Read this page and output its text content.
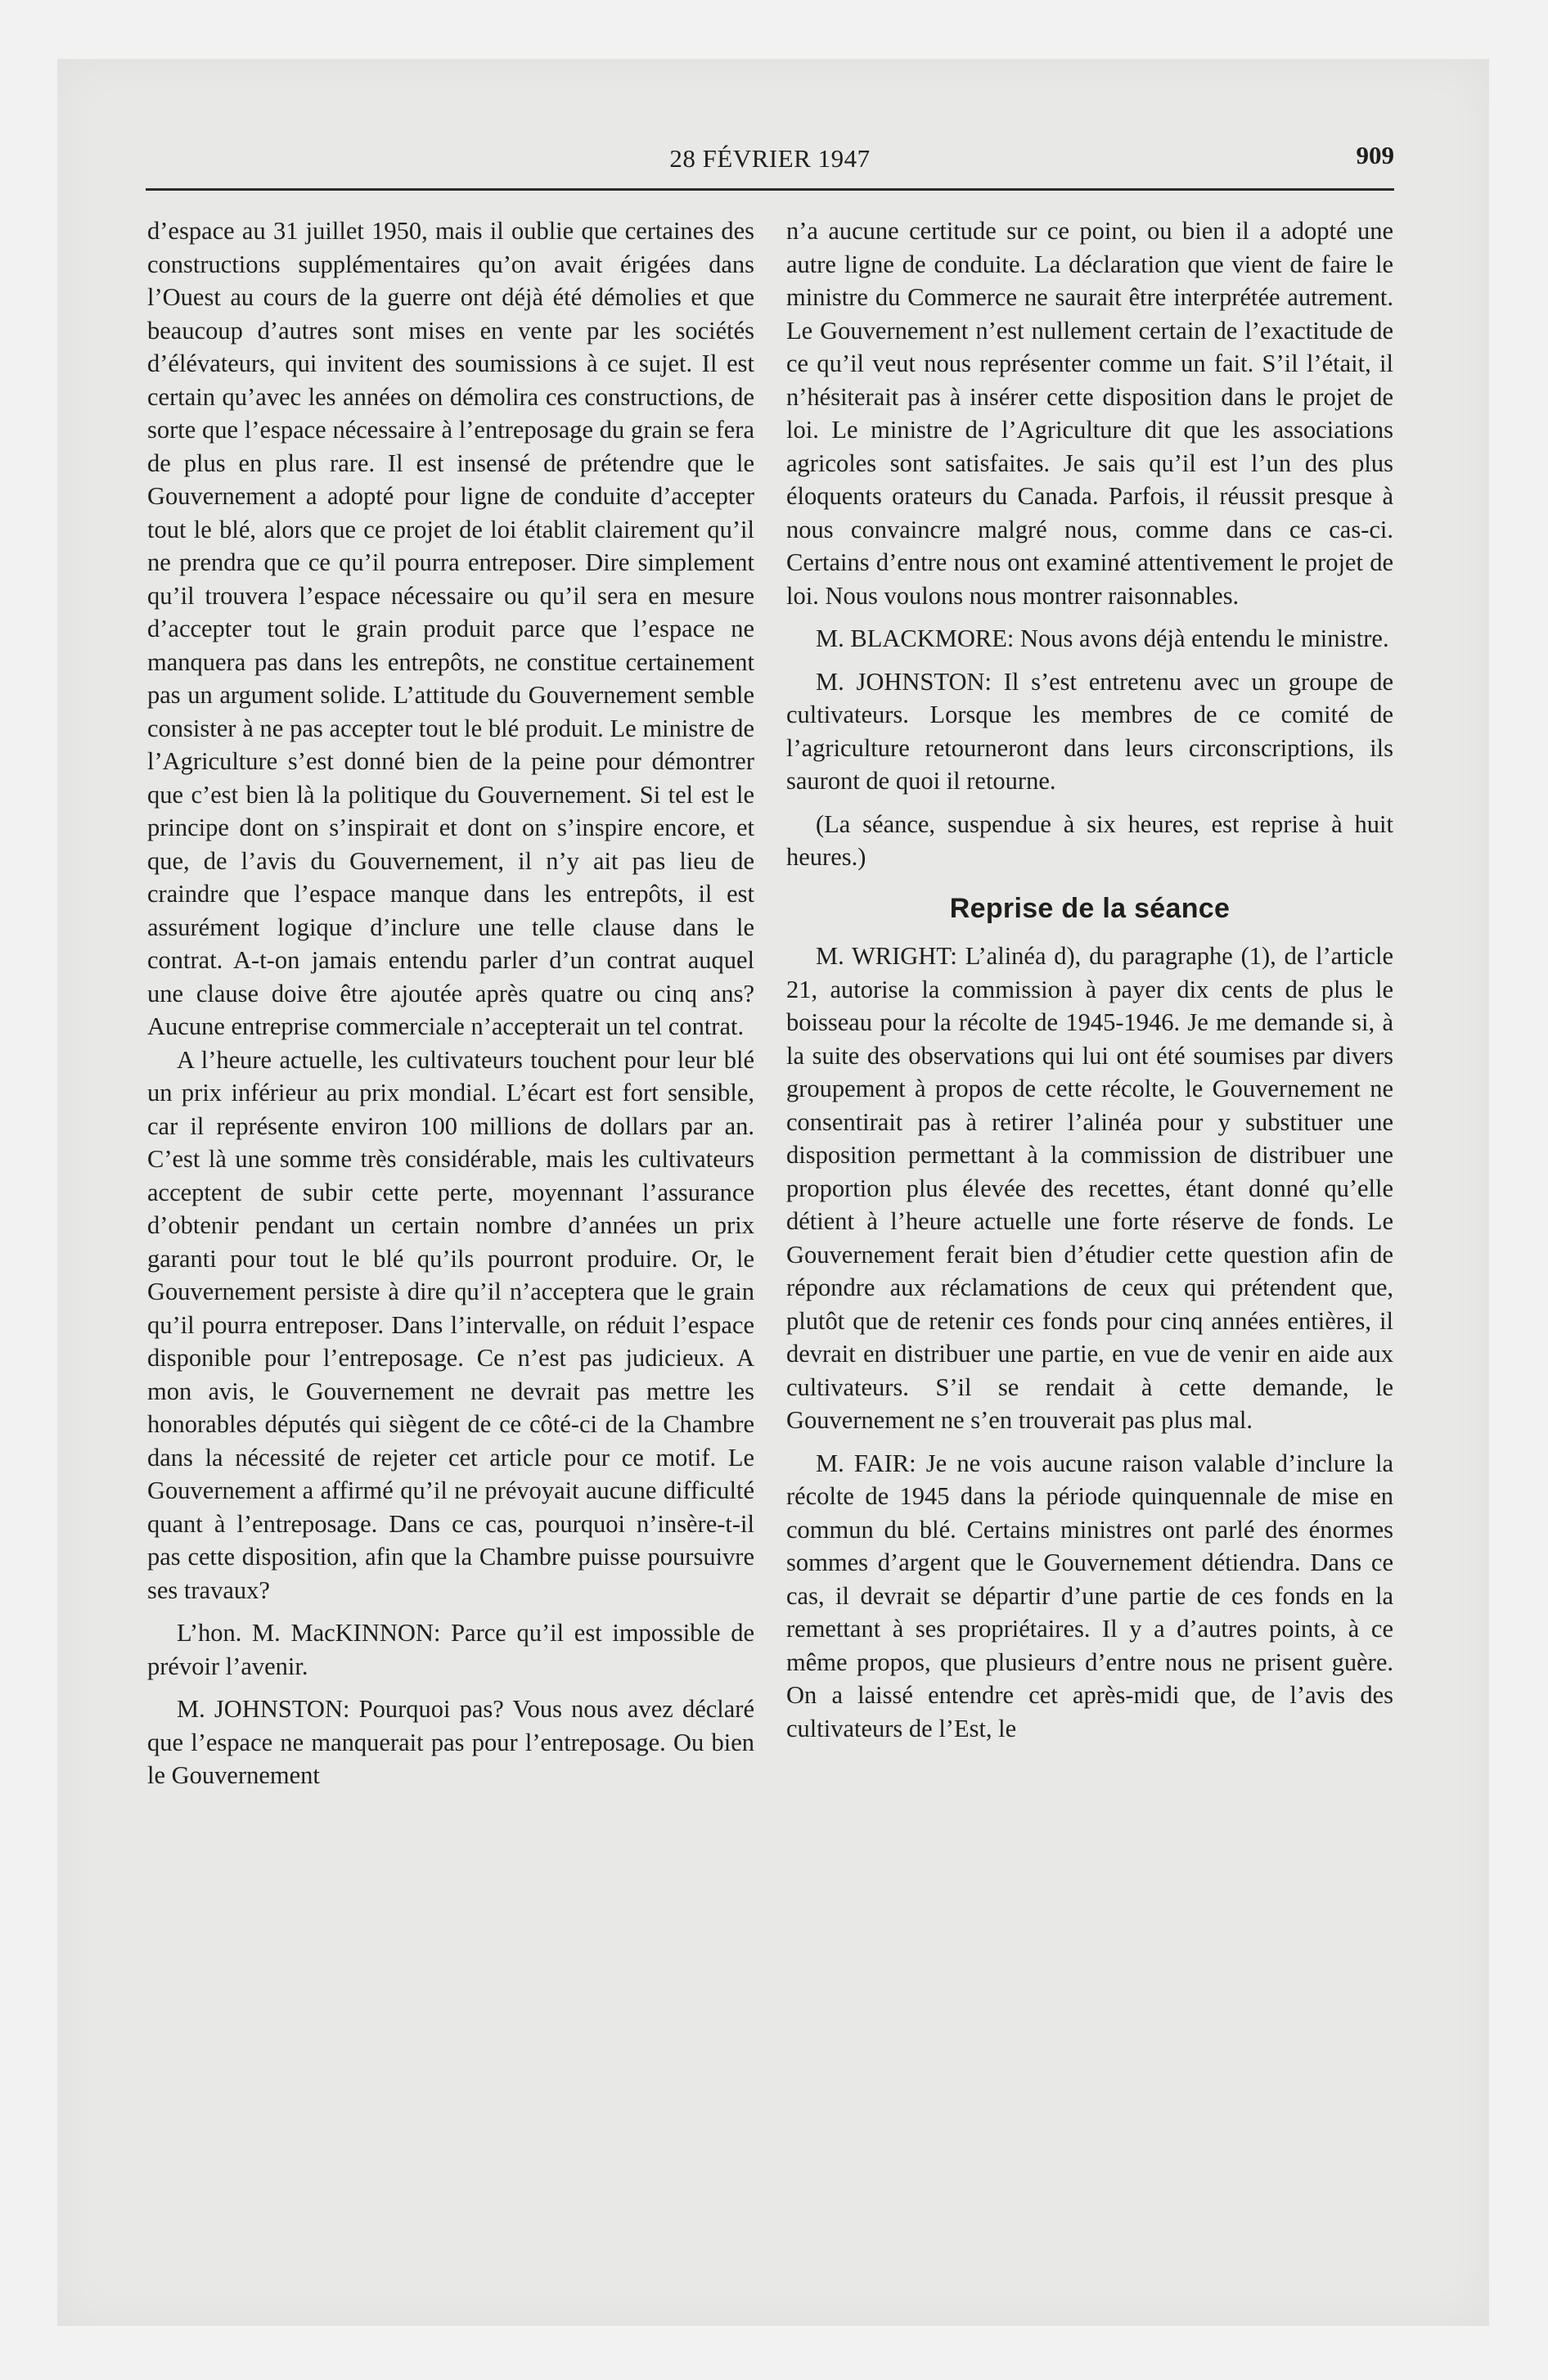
28 FÉVRIER 1947	909

d’espace au 31 juillet 1950, mais il oublie que certaines des constructions supplémentaires qu’on avait érigées dans l’Ouest au cours de la guerre ont déjà été démolies et que beaucoup d’autres sont mises en vente par les sociétés d’élévateurs, qui invitent des soumissions à ce sujet. Il est certain qu’avec les années on démolira ces constructions, de sorte que l’espace nécessaire à l’entreposage du grain se fera de plus en plus rare. Il est insensé de prétendre que le Gouvernement a adopté pour ligne de conduite d’accepter tout le blé, alors que ce projet de loi établit clairement qu’il ne prendra que ce qu’il pourra entreposer. Dire simplement qu’il trouvera l’espace nécessaire ou qu’il sera en mesure d’accepter tout le grain produit parce que l’espace ne manquera pas dans les entrepôts, ne constitue certainement pas un argument solide. L’attitude du Gouvernement semble consister à ne pas accepter tout le blé produit. Le ministre de l’Agriculture s’est donné bien de la peine pour démontrer que c’est bien là la politique du Gouvernement. Si tel est le principe dont on s’inspirait et dont on s’inspire encore, et que, de l’avis du Gouvernement, il n’y ait pas lieu de craindre que l’espace manque dans les entrepôts, il est assurément logique d’inclure une telle clause dans le contrat. A-t-on jamais entendu parler d’un contrat auquel une clause doive être ajoutée après quatre ou cinq ans? Aucune entreprise commerciale n’accepterait un tel contrat.

A l’heure actuelle, les cultivateurs touchent pour leur blé un prix inférieur au prix mondial. L’écart est fort sensible, car il représente environ 100 millions de dollars par an. C’est là une somme très considérable, mais les cultivateurs acceptent de subir cette perte, moyennant l’assurance d’obtenir pendant un certain nombre d’années un prix garanti pour tout le blé qu’ils pourront produire. Or, le Gouvernement persiste à dire qu’il n’acceptera que le grain qu’il pourra entreposer. Dans l’intervalle, on réduit l’espace disponible pour l’entreposage. Ce n’est pas judicieux. A mon avis, le Gouvernement ne devrait pas mettre les honorables députés qui siègent de ce côté-ci de la Chambre dans la nécessité de rejeter cet article pour ce motif. Le Gouvernement a affirmé qu’il ne prévoyait aucune difficulté quant à l’entreposage. Dans ce cas, pourquoi n’insère-t-il pas cette disposition, afin que la Chambre puisse poursuivre ses travaux?

L’hon. M. MacKINNON: Parce qu’il est impossible de prévoir l’avenir.

M. JOHNSTON: Pourquoi pas? Vous nous avez déclaré que l’espace ne manquerait pas pour l’entreposage. Ou bien le Gouvernement

n’a aucune certitude sur ce point, ou bien il a adopté une autre ligne de conduite. La déclaration que vient de faire le ministre du Commerce ne saurait être interprétée autrement. Le Gouvernement n’est nullement certain de l’exactitude de ce qu’il veut nous représenter comme un fait. S’il l’était, il n’hésiterait pas à insérer cette disposition dans le projet de loi. Le ministre de l’Agriculture dit que les associations agricoles sont satisfaites. Je sais qu’il est l’un des plus éloquents orateurs du Canada. Parfois, il réussit presque à nous convaincre malgré nous, comme dans ce cas-ci. Certains d’entre nous ont examiné attentivement le projet de loi. Nous voulons nous montrer raisonnables.

M. BLACKMORE: Nous avons déjà entendu le ministre.

M. JOHNSTON: Il s’est entretenu avec un groupe de cultivateurs. Lorsque les membres de ce comité de l’agriculture retourneront dans leurs circonscriptions, ils sauront de quoi il retourne.

(La séance, suspendue à six heures, est reprise à huit heures.)

Reprise de la séance

M. WRIGHT: L’alinéa d), du paragraphe (1), de l’article 21, autorise la commission à payer dix cents de plus le boisseau pour la récolte de 1945-1946. Je me demande si, à la suite des observations qui lui ont été soumises par divers groupement à propos de cette récolte, le Gouvernement ne consentirait pas à retirer l’alinéa pour y substituer une disposition permettant à la commission de distribuer une proportion plus élevée des recettes, étant donné qu’elle détient à l’heure actuelle une forte réserve de fonds. Le Gouvernement ferait bien d’étudier cette question afin de répondre aux réclamations de ceux qui prétendent que, plutôt que de retenir ces fonds pour cinq années entières, il devrait en distribuer une partie, en vue de venir en aide aux cultivateurs. S’il se rendait à cette demande, le Gouvernement ne s’en trouverait pas plus mal.

M. FAIR: Je ne vois aucune raison valable d’inclure la récolte de 1945 dans la période quinquennale de mise en commun du blé. Certains ministres ont parlé des énormes sommes d’argent que le Gouvernement détiendra. Dans ce cas, il devrait se départir d’une partie de ces fonds en la remettant à ses propriétaires. Il y a d’autres points, à ce même propos, que plusieurs d’entre nous ne prisent guère. On a laissé entendre cet après-midi que, de l’avis des cultivateurs de l’Est, le
